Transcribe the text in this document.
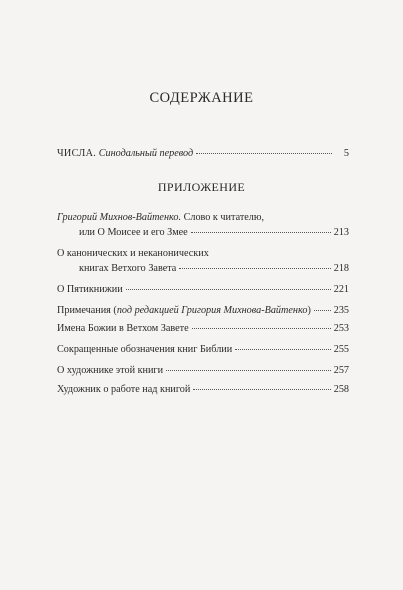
СОДЕРЖАНИЕ
ЧИСЛА. Синодальный перевод	5
ПРИЛОЖЕНИЕ
Григорий Михнов-Вайтенко. Слово к читателю,
или О Моисее и его Змее	213
О канонических и неканонических
книгах Ветхого Завета	218
О Пятикнижии	221
Примечания (под редакцией Григория Михнова-Вайтенко) 235
Имена Божии в Ветхом Завете	253
Сокращенные обозначения книг Библии	255
О художнике этой книги	257
Художник о работе над книгой	258
